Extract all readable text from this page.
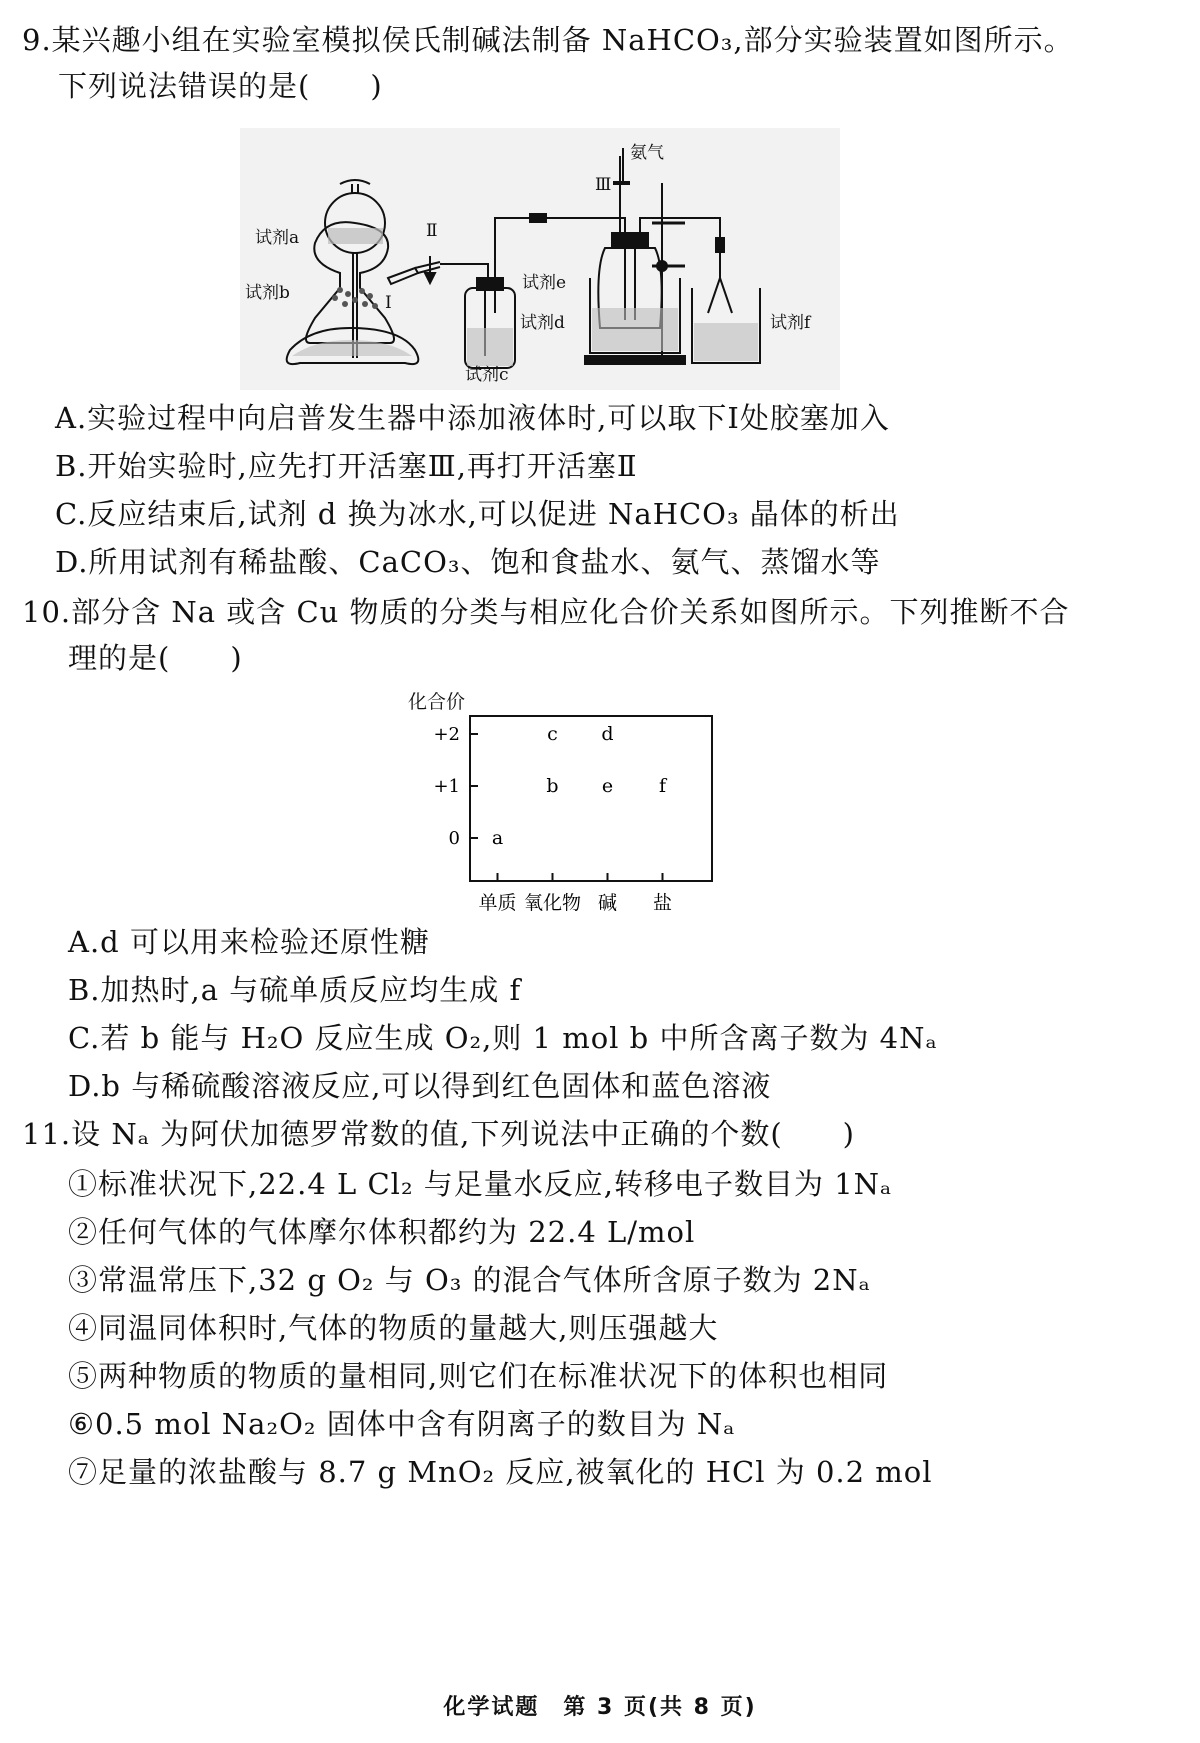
9.某兴趣小组在实验室模拟侯氏制碱法制备 NaHCO₃,部分实验装置如图所示。
下列说法错误的是(　　)
试剂a
试剂b
试剂c
试剂d
试剂e
试剂f
氨气
Ⅰ
Ⅱ
Ⅲ
A.实验过程中向启普发生器中添加液体时,可以取下Ⅰ处胶塞加入
B.开始实验时,应先打开活塞Ⅲ,再打开活塞Ⅱ
C.反应结束后,试剂 d 换为冰水,可以促进 NaHCO₃ 晶体的析出
D.所用试剂有稀盐酸、CaCO₃、饱和食盐水、氨气、蒸馏水等
10.部分含 Na 或含 Cu 物质的分类与相应化合价关系如图所示。下列推断不合
理的是(　　)
化合价
+2
+1
0
单质 氧化物 碱 盐
a
b
c d
e f
A.d 可以用来检验还原性糖
B.加热时,a 与硫单质反应均生成 f
C.若 b 能与 H₂O 反应生成 O₂,则 1 mol b 中所含离子数为 4Nₐ
D.b 与稀硫酸溶液反应,可以得到红色固体和蓝色溶液
11.设 Nₐ 为阿伏加德罗常数的值,下列说法中正确的个数(　　)
①标准状况下,22.4 L Cl₂ 与足量水反应,转移电子数目为 1Nₐ
②任何气体的气体摩尔体积都约为 22.4 L/mol
③常温常压下,32 g O₂ 与 O₃ 的混合气体所含原子数为 2Nₐ
④同温同体积时,气体的物质的量越大,则压强越大
⑤两种物质的物质的量相同,则它们在标准状况下的体积也相同
⑥0.5 mol Na₂O₂ 固体中含有阴离子的数目为 Nₐ
⑦足量的浓盐酸与 8.7 g MnO₂ 反应,被氧化的 HCl 为 0.2 mol
化学试题　第 3 页(共 8 页)
